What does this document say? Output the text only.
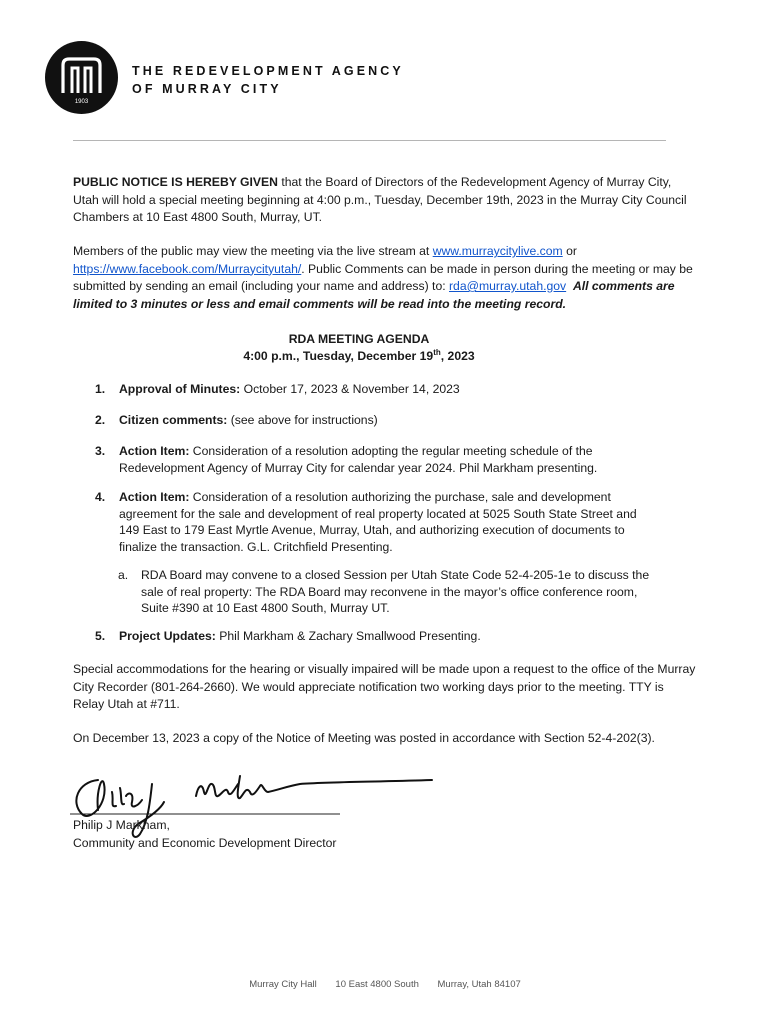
1903
THE REDEVELOPMENT AGENCY
OF MURRAY CITY

PUBLIC NOTICE IS HEREBY GIVEN that the Board of Directors of the Redevelopment Agency of Murray City, Utah will hold a special meeting beginning at 4:00 p.m., Tuesday, December 19th, 2023 in the Murray City Council Chambers at 10 East 4800 South, Murray, UT.

Members of the public may view the meeting via the live stream at www.murraycitylive.com or https://www.facebook.com/Murraycityutah/. Public Comments can be made in person during the meeting or may be submitted by sending an email (including your name and address) to: rda@murray.utah.gov All comments are limited to 3 minutes or less and email comments will be read into the meeting record.

RDA MEETING AGENDA
4:00 p.m., Tuesday, December 19th, 2023
1. Approval of Minutes: October 17, 2023 & November 14, 2023
2. Citizen comments: (see above for instructions)
3. Action Item: Consideration of a resolution adopting the regular meeting schedule of the Redevelopment Agency of Murray City for calendar year 2024. Phil Markham presenting.
4. Action Item: Consideration of a resolution authorizing the purchase, sale and development agreement for the sale and development of real property located at 5025 South State Street and 149 East to 179 East Myrtle Avenue, Murray, Utah, and authorizing execution of documents to finalize the transaction. G.L. Critchfield Presenting.
a. RDA Board may convene to a closed Session per Utah State Code 52-4-205-1e to discuss the sale of real property: The RDA Board may reconvene in the mayor’s office conference room, Suite #390 at 10 East 4800 South, Murray UT.
5. Project Updates: Phil Markham & Zachary Smallwood Presenting.

Special accommodations for the hearing or visually impaired will be made upon a request to the office of the Murray City Recorder (801-264-2660). We would appreciate notification two working days prior to the meeting. TTY is Relay Utah at #711.

On December 13, 2023 a copy of the Notice of Meeting was posted in accordance with Section 52-4-202(3).

Philip J Markham,
Community and Economic Development Director
Murray City Hall 10 East 4800 South Murray, Utah 84107
